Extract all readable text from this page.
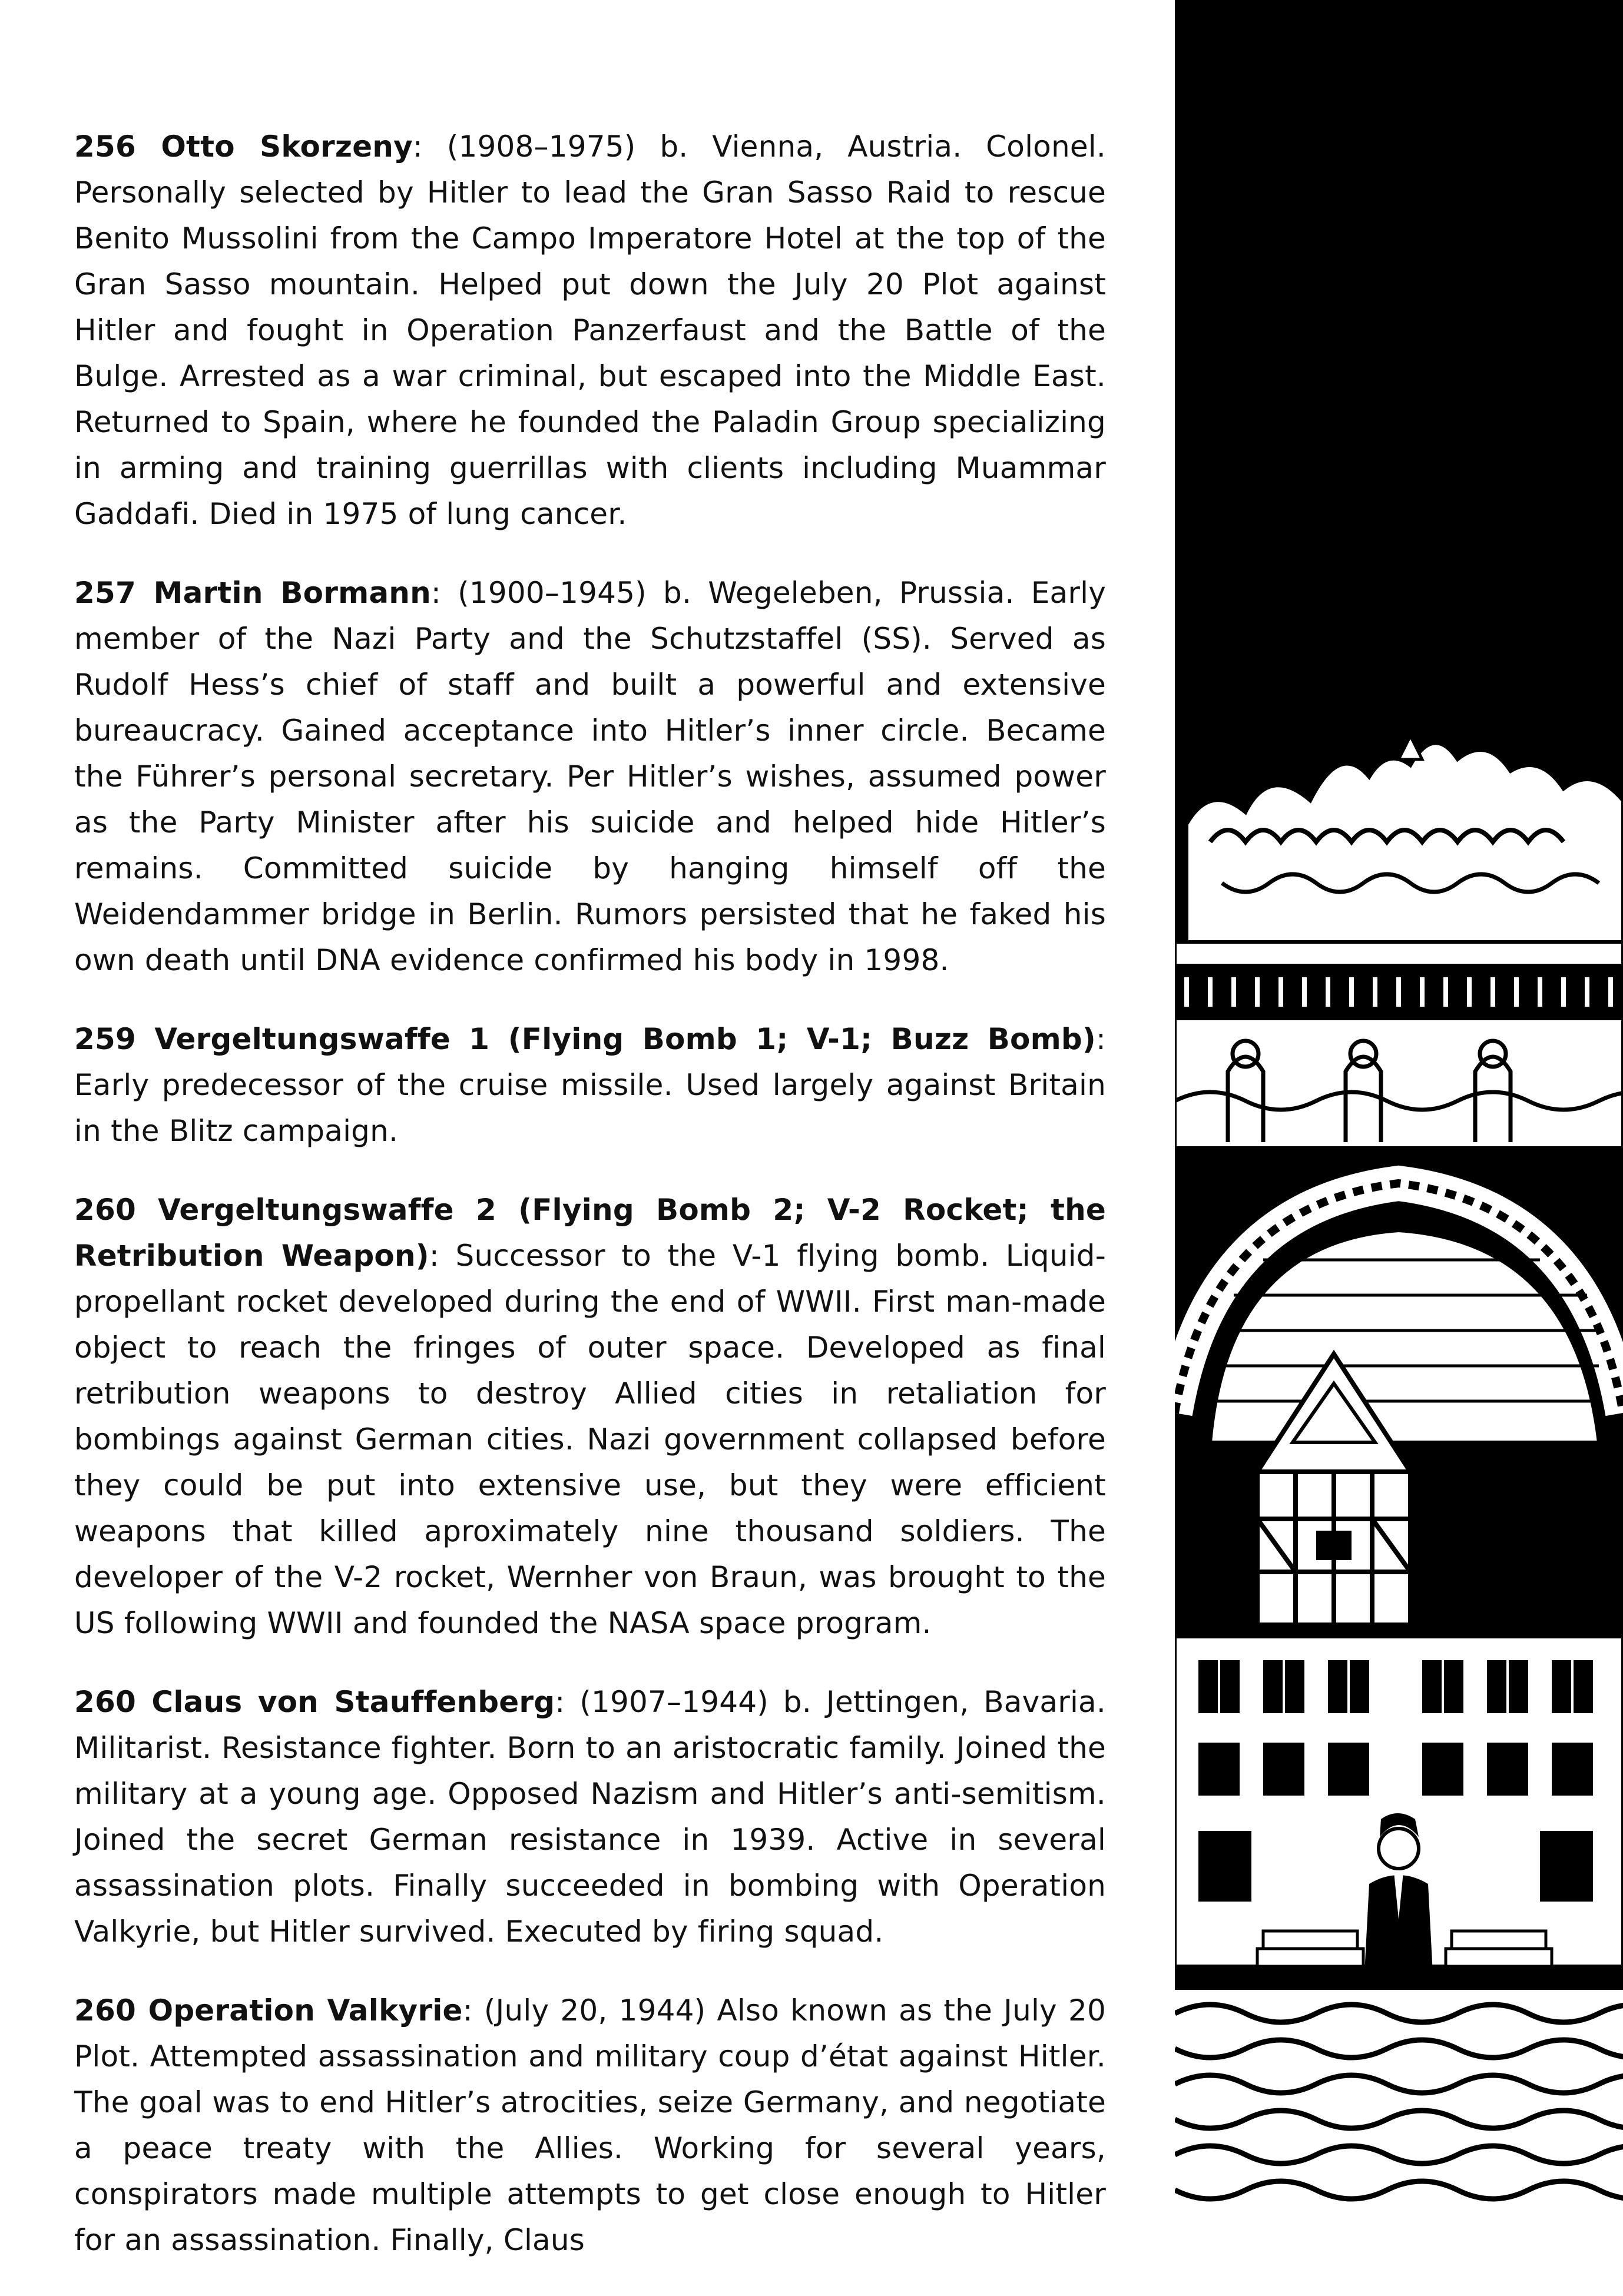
256 Otto Skorzeny: (1908–1975) b. Vienna, Austria. Colonel. Personally selected by Hitler to lead the Gran Sasso Raid to rescue Benito Mussolini from the Campo Imperatore Hotel at the top of the Gran Sasso mountain. Helped put down the July 20 Plot against Hitler and fought in Operation Panzerfaust and the Battle of the Bulge. Arrested as a war criminal, but escaped into the Middle East. Returned to Spain, where he founded the Paladin Group specializing in arming and training guerrillas with clients including Muammar Gaddafi. Died in 1975 of lung cancer.

257 Martin Bormann: (1900–1945) b. Wegeleben, Prussia. Early member of the Nazi Party and the Schutzstaffel (SS). Served as Rudolf Hess’s chief of staff and built a powerful and extensive bureaucracy. Gained acceptance into Hitler’s inner circle. Became the Führer’s personal secretary. Per Hitler’s wishes, assumed power as the Party Minister after his suicide and helped hide Hitler’s remains. Committed suicide by hanging himself off the Weidendammer bridge in Berlin. Rumors persisted that he faked his own death until DNA evidence confirmed his body in 1998.

259 Vergeltungswaffe 1 (Flying Bomb 1; V-1; Buzz Bomb): Early predecessor of the cruise missile. Used largely against Britain in the Blitz campaign.

260 Vergeltungswaffe 2 (Flying Bomb 2; V-2 Rocket; the Retribution Weapon): Successor to the V-1 flying bomb. Liquid-propellant rocket developed during the end of WWII. First man-made object to reach the fringes of outer space. Developed as final retribution weapons to destroy Allied cities in retaliation for bombings against German cities. Nazi government collapsed before they could be put into extensive use, but they were efficient weapons that killed aproximately nine thousand soldiers. The developer of the V-2 rocket, Wernher von Braun, was brought to the US following WWII and founded the NASA space program.

260 Claus von Stauffenberg: (1907–1944) b. Jettingen, Bavaria. Militarist. Resistance fighter. Born to an aristocratic family. Joined the military at a young age. Opposed Nazism and Hitler’s anti-semitism. Joined the secret German resistance in 1939. Active in several assassination plots. Finally succeeded in bombing with Operation Valkyrie, but Hitler survived. Executed by firing squad.

260 Operation Valkyrie: (July 20, 1944) Also known as the July 20 Plot. Attempted assassination and military coup d’état against Hitler. The goal was to end Hitler’s atrocities, seize Germany, and negotiate a peace treaty with the Allies. Working for several years, conspirators made multiple attempts to get close enough to Hitler for an assassination. Finally, Claus
